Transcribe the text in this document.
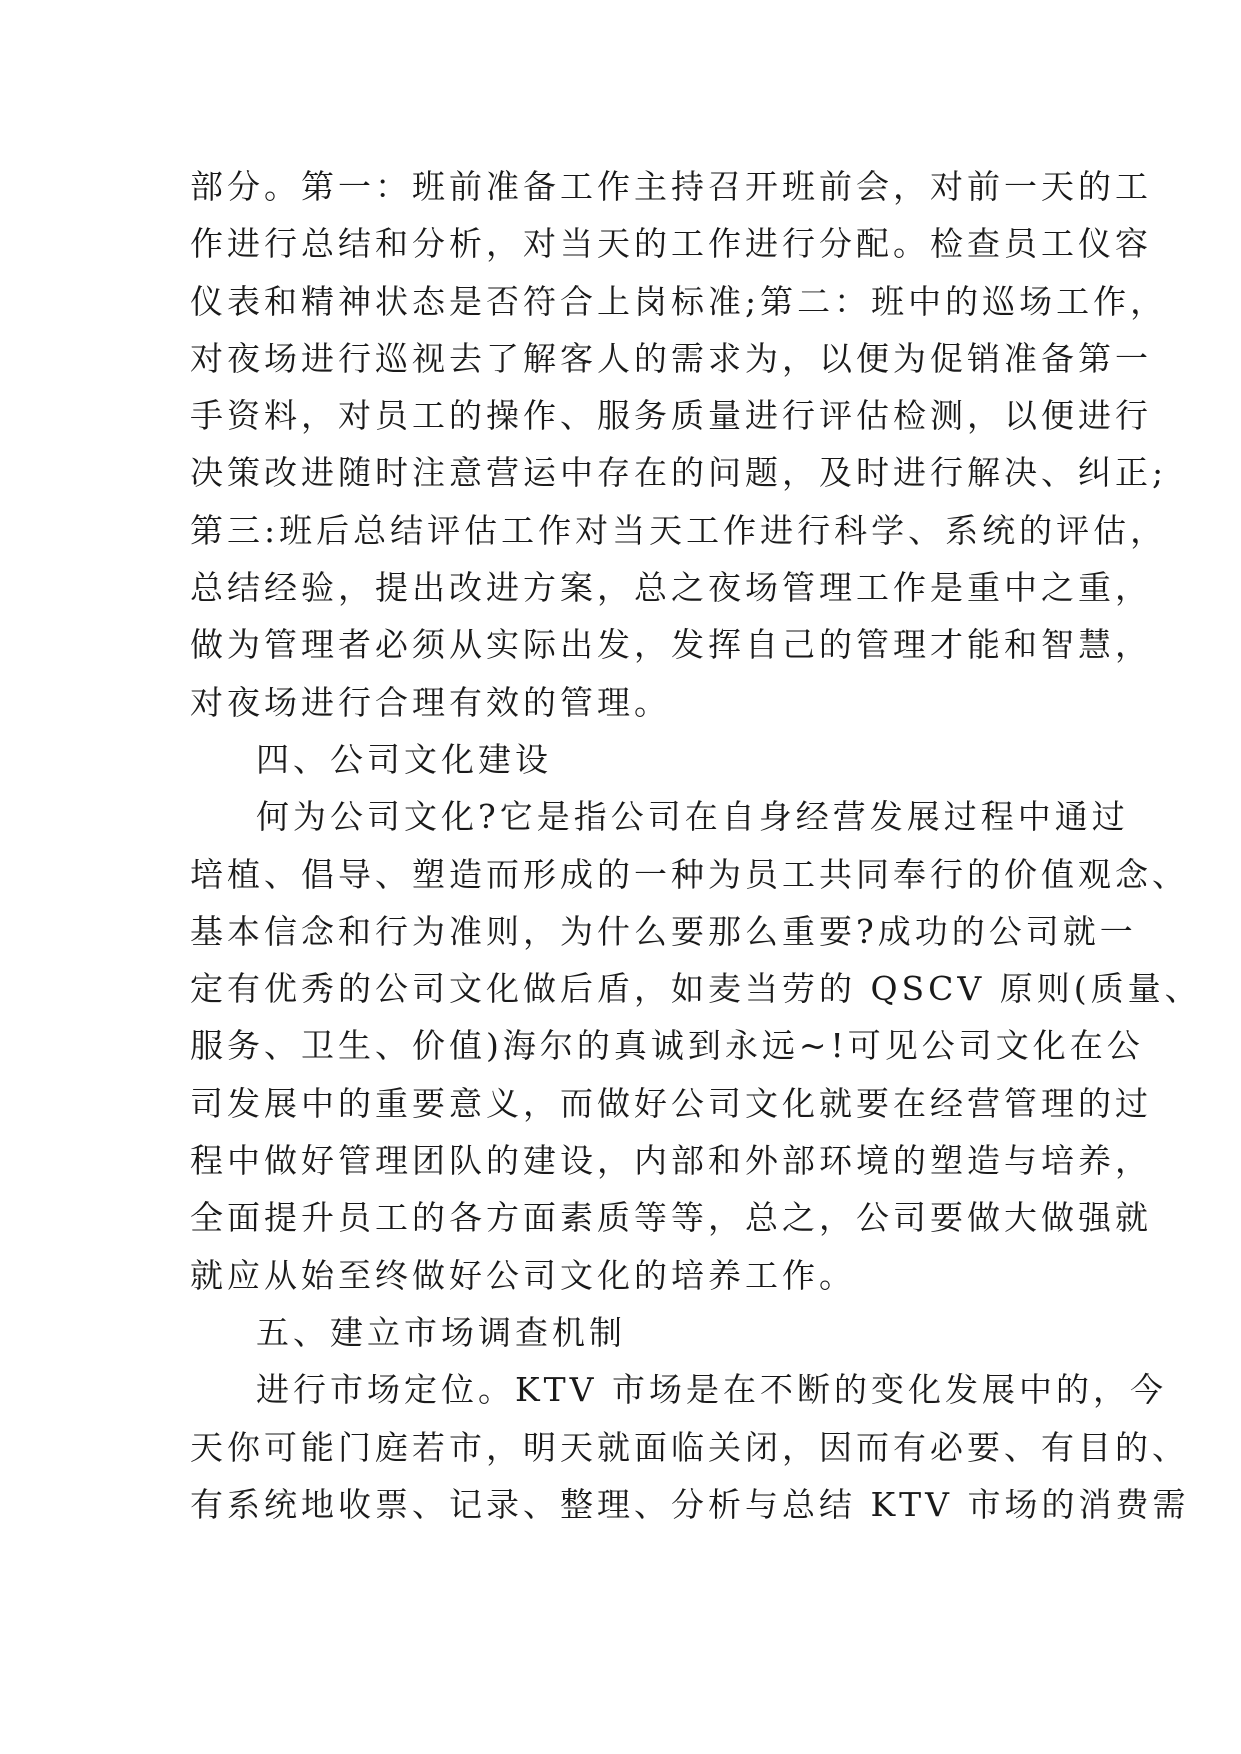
部分。第一：班前准备工作主持召开班前会，对前一天的工
作进行总结和分析，对当天的工作进行分配。检查员工仪容
仪表和精神状态是否符合上岗标准;第二：班中的巡场工作，
对夜场进行巡视去了解客人的需求为，以便为促销准备第一
手资料，对员工的操作、服务质量进行评估检测，以便进行
决策改进随时注意营运中存在的问题，及时进行解决、纠正;
第三:班后总结评估工作对当天工作进行科学、系统的评估，
总结经验，提出改进方案，总之夜场管理工作是重中之重，
做为管理者必须从实际出发，发挥自己的管理才能和智慧，
对夜场进行合理有效的管理。
四、公司文化建设
何为公司文化?它是指公司在自身经营发展过程中通过
培植、倡导、塑造而形成的一种为员工共同奉行的价值观念、
基本信念和行为准则，为什么要那么重要?成功的公司就一
定有优秀的公司文化做后盾，如麦当劳的 QSCV 原则(质量、
服务、卫生、价值)海尔的真诚到永远~!可见公司文化在公
司发展中的重要意义，而做好公司文化就要在经营管理的过
程中做好管理团队的建设，内部和外部环境的塑造与培养，
全面提升员工的各方面素质等等，总之，公司要做大做强就
就应从始至终做好公司文化的培养工作。
五、建立市场调查机制
进行市场定位。KTV 市场是在不断的变化发展中的，今
天你可能门庭若市，明天就面临关闭，因而有必要、有目的、
有系统地收票、记录、整理、分析与总结 KTV 市场的消费需
